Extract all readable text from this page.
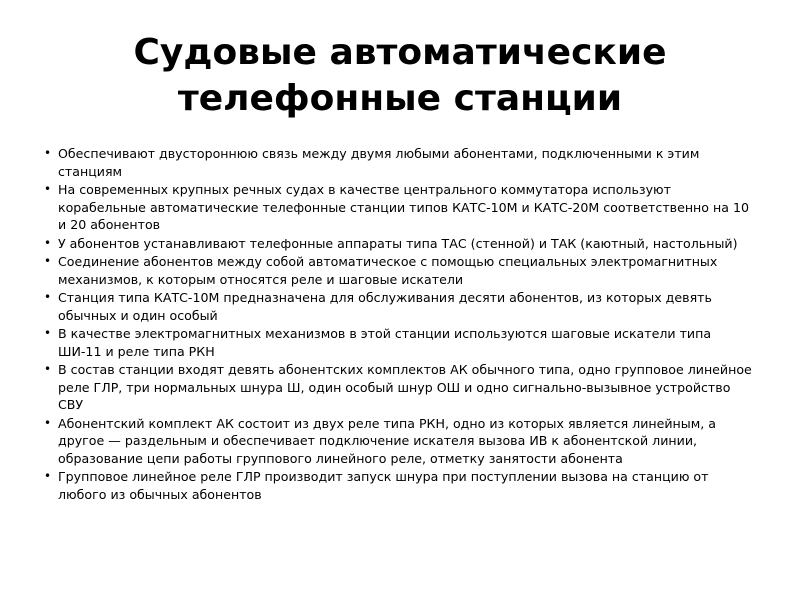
Судовые автоматические
телефонные станции
• Обеспечивают двустороннюю связь между двумя любыми абонентами, подключенными к этим станциям
• На современных крупных речных судах в качестве центрального коммутатора используют корабельные автоматические телефонные станции типов КАТС-10М и КАТС-20М соответственно на 10 и 20 абонентов
• У абонентов устанавливают телефонные аппараты типа ТАС (стенной) и ТАК (каютный, настольный)
• Соединение абонентов между собой автоматическое с помощью специальных электромагнитных механизмов, к которым относятся реле и шаговые искатели
• Станция типа КАТС-10М предназначена для обслуживания десяти абонентов, из которых девять обычных и один особый
• В качестве электромагнитных механизмов в этой станции используются шаговые искатели типа ШИ-11 и реле типа РКН
• В состав станции входят девять абонентских комплектов АК обычного типа, одно групповое линейное реле ГЛР, три нормальных шнура Ш, один особый шнур ОШ и одно сигнально-вызывное устройство СВУ
• Абонентский комплект АК состоит из двух реле типа РКН, одно из которых является линейным, а другое — раздельным и обеспечивает подключение искателя вызова ИВ к абонентской линии, образование цепи работы группового линейного реле, отметку занятости абонента
• Групповое линейное реле ГЛР производит запуск шнура при поступлении вызова на станцию от любого из обычных абонентов
